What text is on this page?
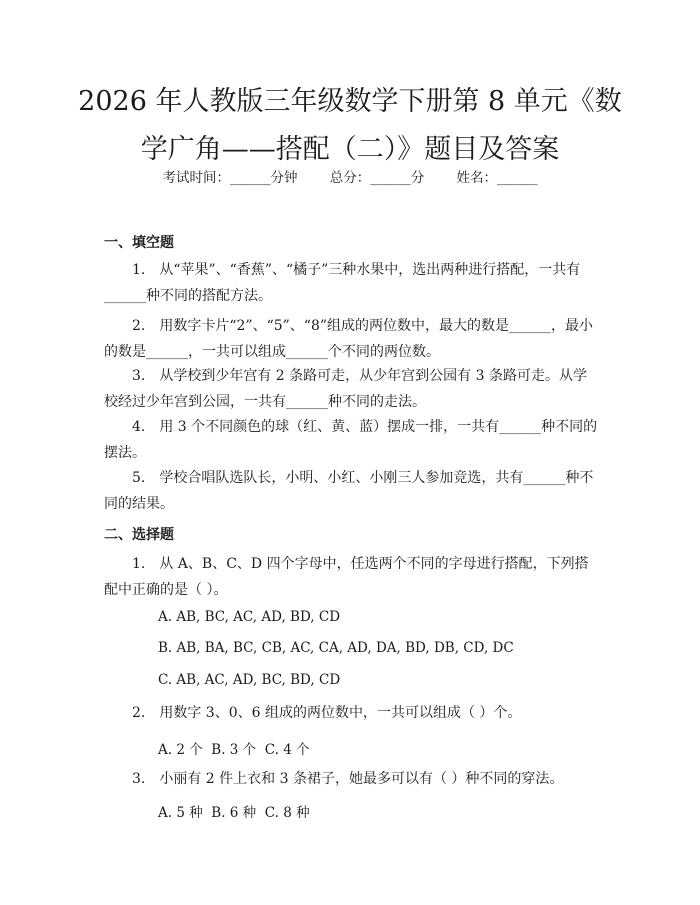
2026 年人教版三年级数学下册第 8 单元《数
学广角——搭配（二）》题目及答案
考试时间：______分钟 总分：______分 姓名：______
一、填空题

1.　从“苹果”、“香蕉”、“橘子”三种水果中，选出两种进行搭配，一共有______种不同的搭配方法。

2.　用数字卡片“2”、“5”、“8”组成的两位数中，最大的数是______，最小的数是______，一共可以组成______个不同的两位数。

3.　从学校到少年宫有 2 条路可走，从少年宫到公园有 3 条路可走。从学校经过少年宫到公园，一共有______种不同的走法。

4.　用 3 个不同颜色的球（红、黄、蓝）摆成一排，一共有______种不同的摆法。

5.　学校合唱队选队长，小明、小红、小刚三人参加竞选，共有______种不同的结果。

二、选择题

1.　从 A、B、C、D 四个字母中，任选两个不同的字母进行搭配，下列搭配中正确的是（ ）。

A. AB, BC, AC, AD, BD, CD
B. AB, BA, BC, CB, AC, CA, AD, DA, BD, DB, CD, DC
C. AB, AC, AD, BC, BD, CD

2.　用数字 3、0、6 组成的两位数中，一共可以组成（ ）个。

A. 2 个  B. 3 个  C. 4 个

3.　小丽有 2 件上衣和 3 条裙子，她最多可以有（ ）种不同的穿法。

A. 5 种  B. 6 种  C. 8 种
